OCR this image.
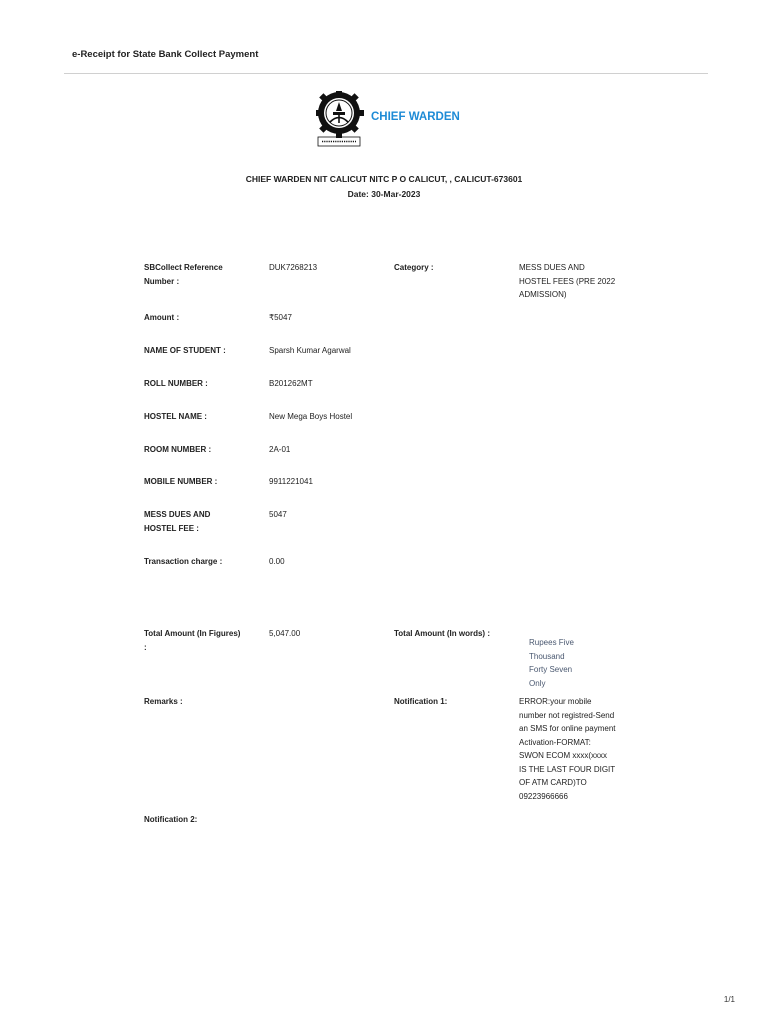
e-Receipt for State Bank Collect Payment
CHIEF WARDEN
CHIEF WARDEN NIT CALICUT NITC P O CALICUT, , CALICUT-673601
Date: 30-Mar-2023
SBCollect Reference
Number :
DUK7268213	Category :	MESS DUES AND
HOSTEL FEES (PRE 2022
ADMISSION)
Amount :	₹5047
NAME OF STUDENT :	Sparsh Kumar Agarwal
ROLL NUMBER :	B201262MT
HOSTEL NAME :	New Mega Boys Hostel
ROOM NUMBER :	2A-01
MOBILE NUMBER :	9911221041
MESS DUES AND
HOSTEL FEE :
5047
Transaction charge :	0.00
Total Amount (In Figures)
:
5,047.00	Total Amount (In words) :
Rupees Five
Thousand
Forty Seven
Only
Remarks :	Notification 1:	ERROR:your mobile
number not registred-Send
an SMS for online payment
Activation-FORMAT:
SWON ECOM xxxx(xxxx
IS THE LAST FOUR DIGIT
OF ATM CARD)TO
09223966666
Notification 2:
1/1
